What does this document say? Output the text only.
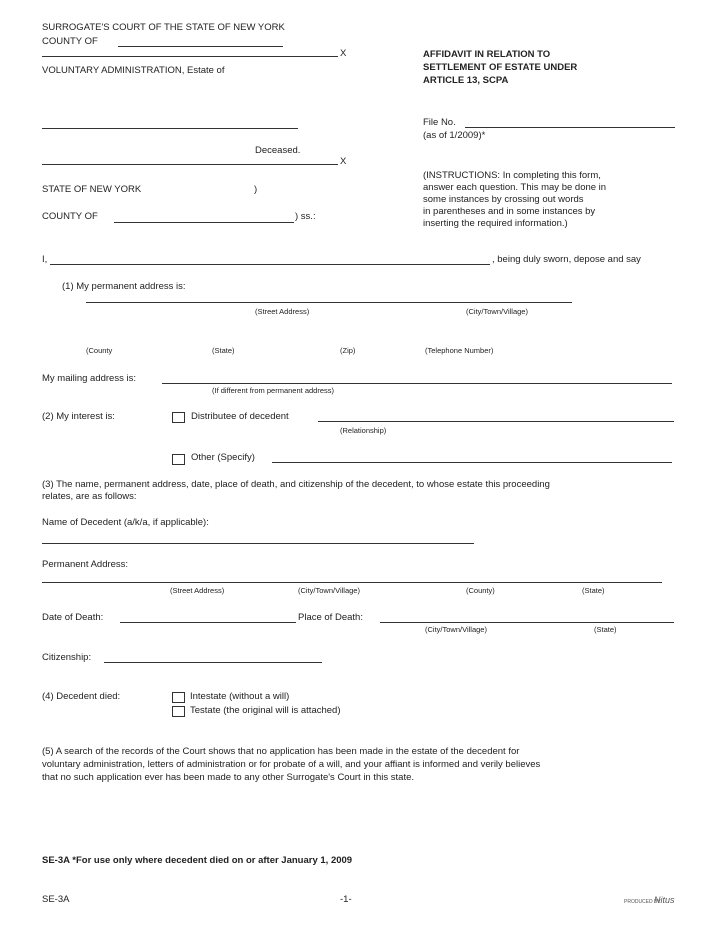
SURROGATE'S COURT OF THE STATE OF NEW YORK
COUNTY OF
X
VOLUNTARY ADMINISTRATION, Estate of
Deceased.
X
STATE OF NEW YORK	)
COUNTY OF	) ss.:
AFFIDAVIT IN RELATION TO
SETTLEMENT OF ESTATE UNDER
ARTICLE 13, SCPA
File No.
(as of 1/2009)*
(INSTRUCTIONS: In completing this form,
answer each question. This may be done in
some instances by crossing out words
in parentheses and in some instances by
inserting the required information.)
I,	, being duly sworn, depose and say
(1) My permanent address is:
(Street Address)	(City/Town/Village)
(County	(State)	(Zip)	(Telephone Number)
My mailing address is:
(If different from permanent address)
(2) My interest is:	Distributee of decedent
(Relationship)
Other (Specify)
(3) The name, permanent address, date, place of death, and citizenship of the decedent, to whose estate this proceeding
relates, are as follows:
Name of Decedent (a/k/a, if applicable):
Permanent Address:
(Street Address)	(City/Town/Village)	(County)	(State)
Date of Death:	Place of Death:
(City/Town/Village)	(State)
Citizenship:
(4) Decedent died:	Intestate (without a will)
Testate (the original will is attached)
(5) A search of the records of the Court shows that no application has been made in the estate of the decedent for
voluntary administration, letters of administration or for probate of a will, and your affiant is informed and verily believes
that no such application ever has been made to any other Surrogate's Court in this state.
SE-3A *For use only where decedent died on or after January 1, 2009
SE-3A	-1-	PRODUCED BY
Nitus
